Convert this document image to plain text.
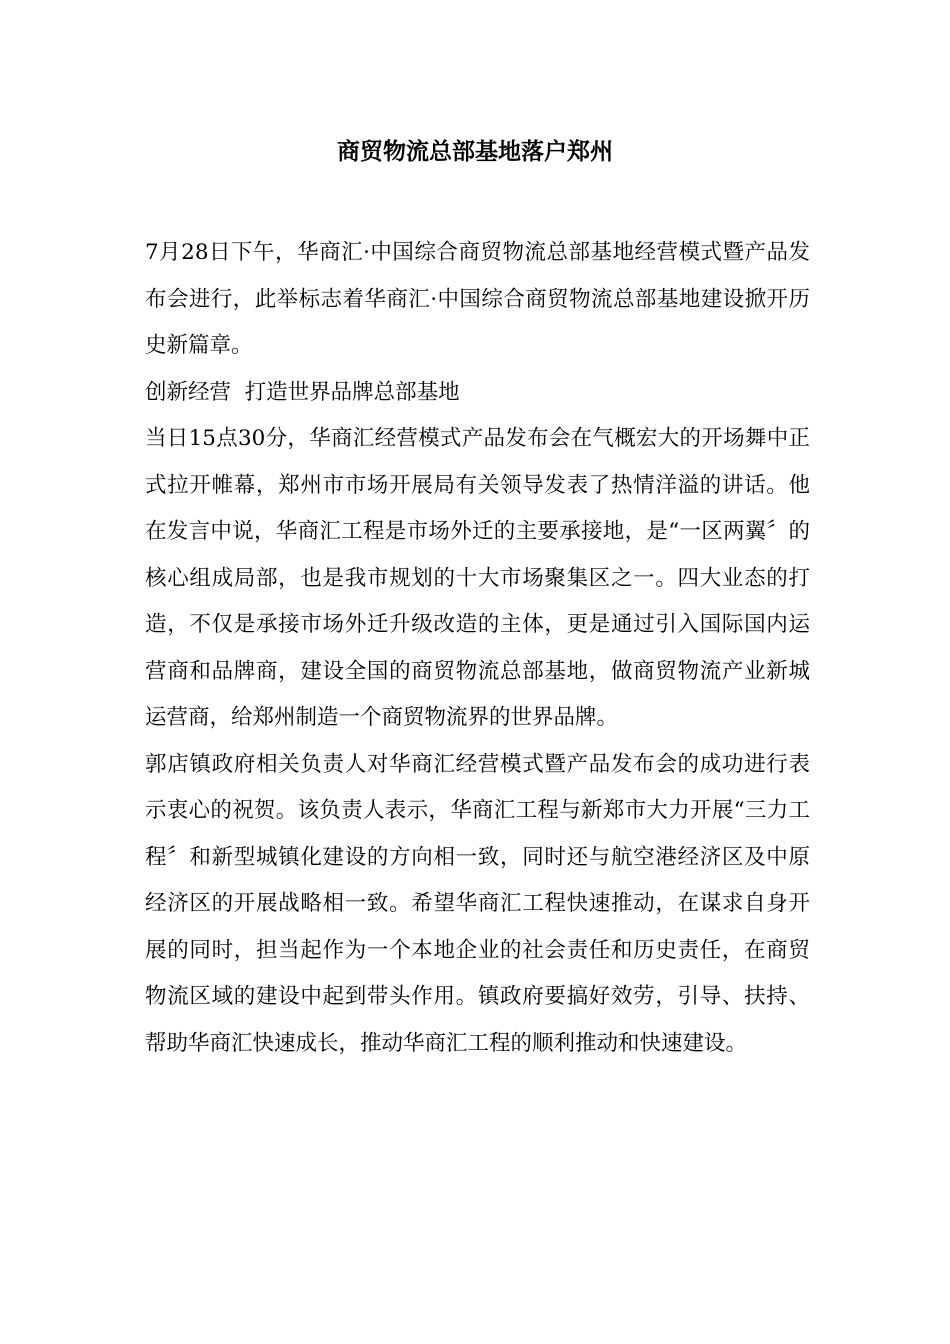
商贸物流总部基地落户郑州

7月28日下午，华商汇·中国综合商贸物流总部基地经营模式暨产品发布会进行，此举标志着华商汇·中国综合商贸物流总部基地建设掀开历史新篇章。

创新经营  打造世界品牌总部基地

当日15点30分，华商汇经营模式产品发布会在气概宏大的开场舞中正式拉开帷幕，郑州市市场开展局有关领导发表了热情洋溢的讲话。他在发言中说，华商汇工程是市场外迁的主要承接地，是“一区两翼〞的核心组成局部，也是我市规划的十大市场聚集区之一。四大业态的打造，不仅是承接市场外迁升级改造的主体，更是通过引入国际国内运营商和品牌商，建设全国的商贸物流总部基地，做商贸物流产业新城运营商，给郑州制造一个商贸物流界的世界品牌。

郭店镇政府相关负责人对华商汇经营模式暨产品发布会的成功进行表示衷心的祝贺。该负责人表示，华商汇工程与新郑市大力开展“三力工程〞和新型城镇化建设的方向相一致，同时还与航空港经济区及中原经济区的开展战略相一致。希望华商汇工程快速推动，在谋求自身开展的同时，担当起作为一个本地企业的社会责任和历史责任，在商贸物流区域的建设中起到带头作用。镇政府要搞好效劳，引导、扶持、帮助华商汇快速成长，推动华商汇工程的顺利推动和快速建设。
